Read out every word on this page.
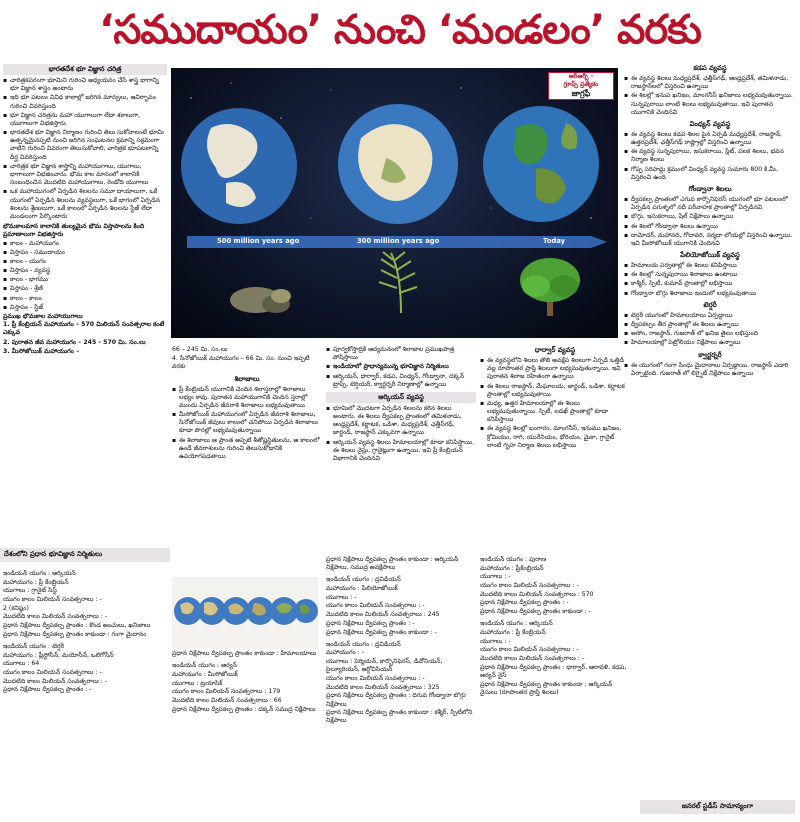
‘సముదాయం’ నుంచి ‘మండలం’ వరకు
భారతదేశ భూ విజ్ఞాన చరిత్ర
▪ చారిత్రకపరంగా భూమిని గురించి అధ్యయనం చేసే శాస్త్ర భాగాన్ని భూ విజ్ఞాన శాస్త్రం అంటారు
▪ ఇది భూ పటలం వివిధ కాలాల్లో జరిగిన మార్పులు, ఆవిర్భావం గురించి వివరిస్తుంది
▪ భూ విజ్ఞాన చరిత్రను మహా యుగాలుగా లేదా శకాలుగా, యుగాలుగా విభజిస్తారు
▪ భారతదేశ భూ విజ్ఞాన నిర్మాణం గురించి తెలు సుకోవాలంటే భూమి ఉత్పన్నమైనప్పటి నుంచి జరిగిన సంఘటనల క్రమాన్ని సక్రమంగా వాటిని గురించి వివరంగా తెలుసుకోవాలి, చారిత్రక భూపటలాన్ని దీర్ఘ వివరిస్తుంది
▪ చారిత్రక భూ విజ్ఞాన శాస్త్రాన్ని మహాయుగాలు, యుగాలు, భాగాలుగా విభజించారు. భౌమ కాల మానంలో కాలానికి సంబంధించిన మొదటిది మహాయుగాలు, రెండోది యుగాలు
▪ ఒక మహాయుగంలో ఏర్పడిన శిలలను సమూ దాయాలుగా, ఒకే యుగంలో ఏర్పడిన శిలలను వ్యవస్థలుగా, ఒకే భాగంలో ఏర్పడిన శిలలను శ్రేణులుగా, ఒకే కాలంలో ఏర్పడిన శిలలను స్టేజ్ లేదా మండలంగా పేర్కొంటారు

భౌమకాలమాన కాలానికి తుల్యమైన భౌమ విస్తాపాలను కింది ప్రమాణాలుగా విభజిస్తారు

▪ కాలం - మహాయుగం
▪ విస్తాపం - సముదాయం
▪ కాలం - యుగం
▪ విస్తాపం - వ్యవస్థ
▪ కాలం - భాగము
▪ విస్తాపం - శ్రేణి
▪ కాలం - కాలం
▪ విస్తాపం - స్టేజ్

ప్రముఖ భౌమకాల మహాయుగాలు

1. ప్రీ కేంబ్రియన్ మహాయుగం – 570 మిలియన్ సంవత్సరాల కంటే ఎక్కువ

2. పురాతన జీవ మహాయుగం – 245 - 570 మి. సం.లు

3. మీసోజోయిక్ మహాయుగం –

ఆర్ఆర్బీ -
గ్రూప్స్ ప్రత్యేకం
జాగ్రఫీ
500 million years ago	300 million years ago	Today

66 – 245 మి. సం.లు

4. సినోజోయిక్ మహాయుగం – 66 మి. సం. నుంచి ఇప్పటి వరకు

శిలాజాలు
▪ ప్రీ కేంబ్రియన్ యుగానికి చెందిన శిలాస్తరాల్లో శిలాజాలు లభ్యం కావు. పురాతన మహాయుగానికి చెందిన స్తరాల్లో ముందు ఏర్పడిన జీవరాశి శిలాజాలు లభ్యమవుతాయి
▪ మీసోజోయిక్ మహాయుగంలో ఏర్పడిన జీవరాశి శిలాజాలు, సినోజోయిక్ జీవులు కాలంలో చనిపోయి ఏర్పడిన శిలాజాలు కూడా పొరల్లో లభ్యమవుతున్నాయి
▪ ఈ శిలాజాలు ఆ ప్రాంత అప్పటి శీతోష్ణస్థితులను, ఆ కాలంలో ఉండే జీవరాశులను గురించి తెలుసుకోడానికి ఉపయోగపడతాయి
▪ పూర్వకోస్తాద్రికి ఆద్యమనంలో శిలాజాల ప్రముఖపాత్ర పోషిస్తాయి
▪ ఇండియాలో ప్రాధాన్యమున్న భూవిజ్ఞాన నిర్మితులు
▪ ఆర్కియన్, ధార్వార్, కడప, వింధ్యన్, గోండ్వానా, దక్కన్ ట్రాప్స్, టెర్షియరీ, క్వార్టర్నరీ నిర్మాణాల్లో ఉన్నాయి
ఆర్కియన్ వ్యవస్థ
▪ భూమిలో మొదటగా ఏర్పడిన శిలలను కఠిన శిలలు అంటారు. ఈ శిలలు ద్వీపకల్ప ప్రాంతంలో తమిళనాడు, ఆంధ్రప్రదేశ్, కర్ణాటక, ఒడిశా, మధ్యప్రదేశ్, ఛత్తీస్‌గఢ్, జార్ఖండ్, రాజస్థాన్ ఎక్కువగా ఉన్నాయి
▪ ఆర్కియన్ వ్యవస్థ శిలలు హిమాలయాల్లో కూడా కనిపిస్తాయి. ఈ శిలలు నైస్లు, గ్రానైట్లుగా ఉన్నాయి. ఇవి ప్రీ కేంబ్రియన్ విభాగానికి చెందినవి
ధార్వార్ వ్యవస్థ
▪ ఈ వ్యవస్థలోని శిలలు తొలి అవక్షేప శిలలుగా ఏర్పడి ఒత్తిడి వల్ల రూపాంతర ప్రాప్తి శిలలుగా లభ్యమవుతున్నాయి. ఇవి పురాతన శిలాజ రహితంగా ఉన్నాయి
▪ ఈ శిలలు రాజస్థాన్, మేఘాలయ, జార్ఖండ్, ఒడిశా, కర్ణాటక ప్రాంతాల్లో లభ్యమవుతాయి
▪ మధ్య, ఉత్తర హిమాలయాల్లో ఈ శిలలు లభ్యమవుతున్నాయి. స్పిటీ, లడఖ్ ప్రాంతాల్లో కూడా కనిపిస్తాయి
▪ ఈ వ్యవస్థ శిలల్లో బంగారం, మాంగనీస్, ఇనుము ఖనిజం, క్రోమియం, రాగి, యురేనియం, థోరియం, మైకా, గ్రానైట్ లాంటి గృహ నిర్మాణ శిలలు లభిస్తాయి
కడప వ్యవస్థ
▪ ఈ వ్యవస్థ శిలలు మధ్యప్రదేశ్, ఛత్తీస్‌గఢ్, ఆంధ్రప్రదేశ్, తమిళనాడు, రాజస్థాన్‌లలో విస్తరించి ఉన్నాయి
▪ ఈ శిలల్లో ఇనుప ఖనిజం, మాంగనీస్ ఖనిజాలు లభ్యమవుతున్నాయి. సున్నపురాయి లాంటి శిలలు లభ్యమవుతాయి. ఇవి పురాతన యుగానికి చెందినవి
వింధ్యన్ వ్యవస్థ
▪ ఈ వ్యవస్థ శిలలు కడప శిలల పైన ఏర్పడి మధ్యప్రదేశ్, రాజస్థాన్, ఉత్తరప్రదేశ్, ఛత్తీస్‌గఢ్ రాష్ట్రాల్లో విస్తరించి ఉన్నాయి
▪ ఈ వ్యవస్థ సున్నపురాయి, ఇసుకరాయి, స్లేట్, పలక శిలలు, భవన నిర్మాణ శిలలు
▪ గోప్ప సరిహద్దు క్రమంలో వింధ్యన్ వ్యవస్థ సుమారు 800 కి.మీ. విస్తరించి ఉంది
గోండ్వానా శిలలు
▪ ద్వీపకల్ప ప్రాంతంలో ఎగువ కార్బొనిఫెరస్ యుగంలో భూ పటలంలో ఏర్పడిన పగుళ్ళలో నదీ పరీవాహక ప్రాంతాల్లో ఏర్పడినవి
▪ బొగ్గు, ఇసుకరాయి, షేల్ నిక్షేపాలు ఉన్నాయి
▪ ఈ శిలలో గోండ్వానా శిలలు ఉన్నాయి
▪ దామోదర్, మహానది, గోదావరి, నర్మదా లోయల్లో విస్తరించి ఉన్నాయి. ఇవి మీసోజోయిక్ యుగానికి చెందినవి
పేలియోజోయిక్ వ్యవస్థ
▪ హిమాలయ పర్వతాల్లో ఈ శిలలు కనిపిస్తాయి
▪ ఈ శిలల్లో సున్నపురాయి శిలాజాలు ఉంటాయి
▪ కాశ్మీర్, స్పిటీ, కుమావ్ ప్రాంతాల్లో లభిస్తాయి
▪ గోండ్వానా బొగ్గు శిలాజాలు ఇందులో లభ్యమవుతాయి
టెర్షరీ
▪ టెర్షరీ యుగంలో హిమాలయాలు ఏర్పడ్డాయి
▪ ద్వీపకల్పం తీర ప్రాంతాల్లో ఈ శిలలు ఉన్నాయి
▪ అసోం, రాజస్థాన్, గుజరాత్ లో ఖనిజ తైలం లభిస్తుంది
▪ హిమాలయాల్లో పెట్రోలియం నిక్షేపాలు ఉన్నాయి
క్వార్టర్నరీ
▪ ఈ యుగంలో గంగా సింధు మైదానాలు ఏర్పడ్డాయి. రాజస్థాన్ ఎడారి ఏర్పాటైంది. గుజరాత్ లో లిగ్నైట్ నిక్షేపాలు ఉన్నాయి
జనరల్ స్టడీస్ సామాన్యంగా
దేశంలోని ప్రధాన భూవిజ్ఞాన నిర్మితులు

ఇండియన్ యుగం : ఆర్కియన్

మహాయుగం : ప్రీ కేంబ్రియన్

యుగాలు : గ్రానైట్ సిస్ట్

యుగం కాలం మిలియన్ సంవత్సరాలు : -

2 (కనిష్ఠం)

మొదటిది కాలం మిలియన్ సంవత్సరాలు : -

ప్రధాన నిక్షేపాలు ద్వీపకల్ప ప్రాంతం : కొండ అంచులు, ఖనిజాలు

ప్రధాన నిక్షేపాలు ద్వీపకల్ప ప్రాంతం కాకుండా : గంగా మైదానం

ఇండియన్ యుగం : టెర్షరీ

మహాయుగం : ప్లీస్టోసీన్, మయోసీన్, ఒలిగోసీన్

యుగాలు : 64

యుగం కాలం మిలియన్ సంవత్సరాలు : -

మొదటిది కాలం మిలియన్ సంవత్సరాలు : -

ప్రధాన నిక్షేపాలు ద్వీపకల్ప ప్రాంతం : -

ప్రధాన నిక్షేపాలు ద్వీపకల్ప ప్రాంతం కాకుండా : హిమాలయాలు

ఇండియన్ యుగం : ఆర్యన్

మహాయుగం : మీసోజోయిక్

యుగాలు : ట్రయాసిక్

యుగం కాలం మిలియన్ సంవత్సరాలు : 179

మొదటిది కాలం మిలియన్ సంవత్సరాలు : 66

ప్రధాన నిక్షేపాలు ద్వీపకల్ప ప్రాంతం : దక్కన్ సముద్ర నిక్షేపాలు

ప్రధాన నిక్షేపాలు ద్వీపకల్ప ప్రాంతం కాకుండా : ఆర్కియన్ నిక్షేపాలు, సముద్ర అవక్షేపాలు

ఇండియన్ యుగం : ద్రవిడియన్

మహాయుగం : పేలియోజోయిక్

యుగాలు : -

యుగం కాలం మిలియన్ సంవత్సరాలు : -

మొదటిది కాలం మిలియన్ సంవత్సరాలు : 245

ప్రధాన నిక్షేపాలు ద్వీపకల్ప ప్రాంతం : -

ప్రధాన నిక్షేపాలు ద్వీపకల్ప ప్రాంతం కాకుండా : -

ఇండియన్ యుగం : ద్రవిడియన్

మహాయుగం : -

యుగాలు : పెర్మియన్, కార్బొనిఫెరస్, డివోనియన్, సైల్యూరియన్, ఆర్డోవిసియన్

యుగం కాలం మిలియన్ సంవత్సరాలు : -

మొదటిది కాలం మిలియన్ సంవత్సరాలు : 325

ప్రధాన నిక్షేపాలు ద్వీపకల్ప ప్రాంతం : దిగువ గోండ్వానా బొగ్గు నిక్షేపాలు

ప్రధాన నిక్షేపాలు ద్వీపకల్ప ప్రాంతం కాకుండా : కశ్మీర్, స్పిటీలోని నిక్షేపాలు

ఇండియన్ యుగం : పురాణ

మహాయుగం : ప్రీకేంబ్రియన్

యుగాలు : -

యుగం కాలం మిలియన్ సంవత్సరాలు : -

మొదటిది కాలం మిలియన్ సంవత్సరాలు : 570

ప్రధాన నిక్షేపాలు ద్వీపకల్ప ప్రాంతం : -

ప్రధాన నిక్షేపాలు ద్వీపకల్ప ప్రాంతం కాకుండా : -

ఇండియన్ యుగం : ఆర్కియన్

మహాయుగం : ప్రీ కేంబ్రియన్

యుగాలు : -

యుగం కాలం మిలియన్ సంవత్సరాలు : -

మొదటిది కాలం మిలియన్ సంవత్సరాలు : -

ప్రధాన నిక్షేపాలు ద్వీపకల్ప ప్రాంతం : ధార్వార్, ఆరావళి, కడప, ఆర్యన్ నైస్

ప్రధాన నిక్షేపాలు ద్వీపకల్ప ప్రాంతం కాకుండా : ఆర్కియన్ నైసులు (రూపాంతర ప్రాప్తి శిలలు)
